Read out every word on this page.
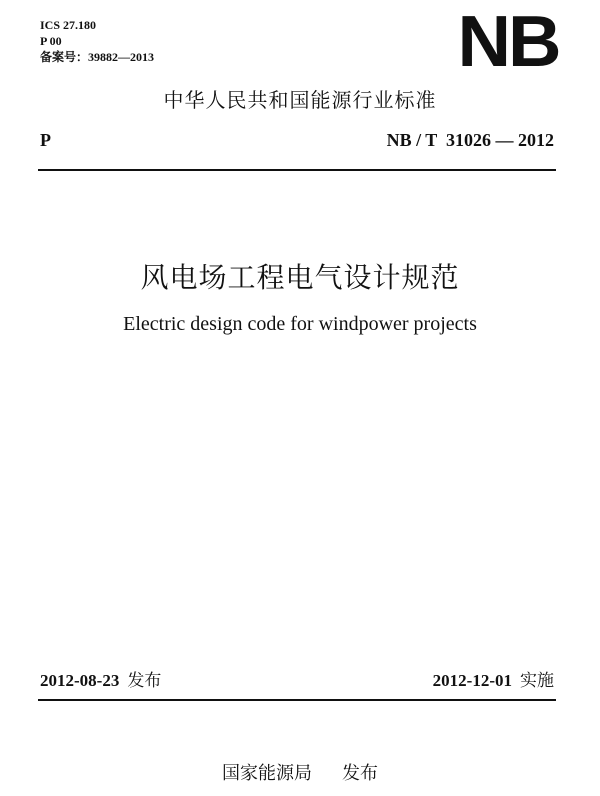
ICS 27.180
P 00
备案号：39882—2013	NB
中华人民共和国能源行业标准
P	NB / T  31026 — 2012
风电场工程电气设计规范
Electric design code for windpower projects
2012-08-23 发布	2012-12-01 实施
国家能源局 发布
